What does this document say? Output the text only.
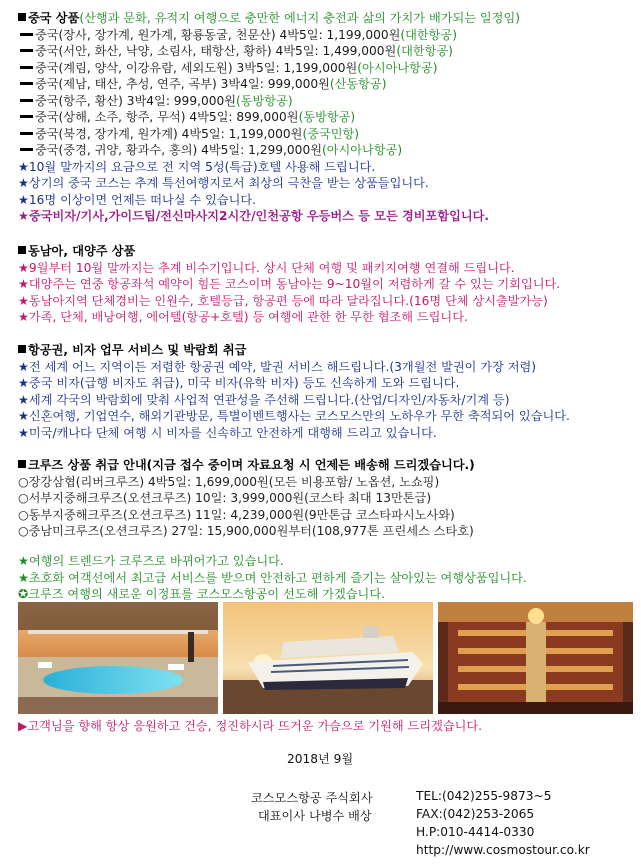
중국 상품(산행과 문화, 유적지 여행으로 충만한 에너지 충전과 삶의 가치가 배가되는 일정임)
중국(장사, 장가계, 원가계, 황룡동굴, 천문산) 4박5일: 1,199,000원(대한항공)
중국(서안, 화산, 낙양, 소림사, 태항산, 황하) 4박5일: 1,499,000원(대한항공)
중국(계림, 양삭, 이강유람, 세외도원) 3박5일: 1,199,000원(아시아나항공)
중국(제남, 태산, 추성, 연주, 곡부) 3박4일: 999,000원(산동항공)
중국(항주, 황산) 3박4일: 999,000원(동방항공)
중국(상해, 소주, 항주, 무석) 4박5일: 899,000원(동방항공)
중국(북경, 장가계, 원가계) 4박5일: 1,199,000원(중국민항)
중국(중경, 귀양, 황과수, 홍의) 4박5일: 1,299,000원(아시아나항공)
★10월 말까지의 요금으로 전 지역 5성(특급)호텔 사용해 드립니다.
★상기의 중국 코스는 추계 특선여행지로서 최상의 극찬을 받는 상품들입니다.
★16명 이상이면 언제든 떠나실 수 있습니다.
★중국비자/기사,가이드팁/전신마사지2시간/인천공항 우등버스 등 모든 경비포함입니다.
동남아, 대양주 상품
★9월부터 10월 말까지는 추계 비수기입니다. 상시 단체 여행 및 패키지여행 연결해 드립니다.
★대양주는 연중 항공좌석 예약이 힘든 코스이며 동남아는 9~10월이 저렴하게 갈 수 있는 기회입니다.
★동남아지역 단체경비는 인원수, 호텔등급, 항공편 등에 따라 달라집니다.(16명 단체 상시출발가능)
★가족, 단체, 배낭여행, 에어텔(항공+호텔) 등 여행에 관한 한 무한 협조해 드립니다.
항공권, 비자 업무 서비스 및 박람회 취급
★전 세계 어느 지역이든 저렴한 항공권 예약, 발권 서비스 해드립니다.(3개월전 발권이 가장 저렴)
★중국 비자(급행 비자도 취급), 미국 비자(유학 비자) 등도 신속하게 도와 드립니다.
★세계 각국의 박람회에 맞춰 사업적 연관성을 주선해 드립니다.(산업/디자인/자동차/기계 등)
★신혼여행, 기업연수, 해외기관방문, 특별이벤트행사는 코스모스만의 노하우가 무한 축적되어 있습니다.
★미국/캐나다 단체 여행 시 비자를 신속하고 안전하게 대행해 드리고 있습니다.
크루즈 상품 취급 안내(지금 접수 중이며 자료요청 시 언제든 배송해 드리겠습니다.)
○장강삼협(리버크루즈) 4박5일: 1,699,000원(모든 비용포함/ 노옵션, 노쇼핑)
○서부지중해크루즈(오션크루즈) 10일: 3,999,000원(코스타 최대 13만톤급)
○동부지중해크루즈(오션크루즈) 11일: 4,239,000원(9만톤급 코스타파시노사와)
○중남미크루즈(오션크루즈) 27일: 15,900,000원부터(108,977톤 프린세스 스타호)
★여행의 트렌드가 크루즈로 바뀌어가고 있습니다.
★초호화 여객선에서 최고급 서비스를 받으며 안전하고 편하게 즐기는 살아있는 여행상품입니다.
✪크루즈 여행의 새로운 이정표를 코스모스항공이 선도해 가겠습니다.
▶고객님을 향해 항상 응원하고 건승, 정진하시라 뜨거운 가슴으로 기원해 드리겠습니다.
2018년 9월
코스모스항공 주식회사
대표이사 나병수 배상
TEL:(042)255-9873~5
FAX:(042)253-2065
H.P:010-4414-0330
http://www.cosmostour.co.kr
